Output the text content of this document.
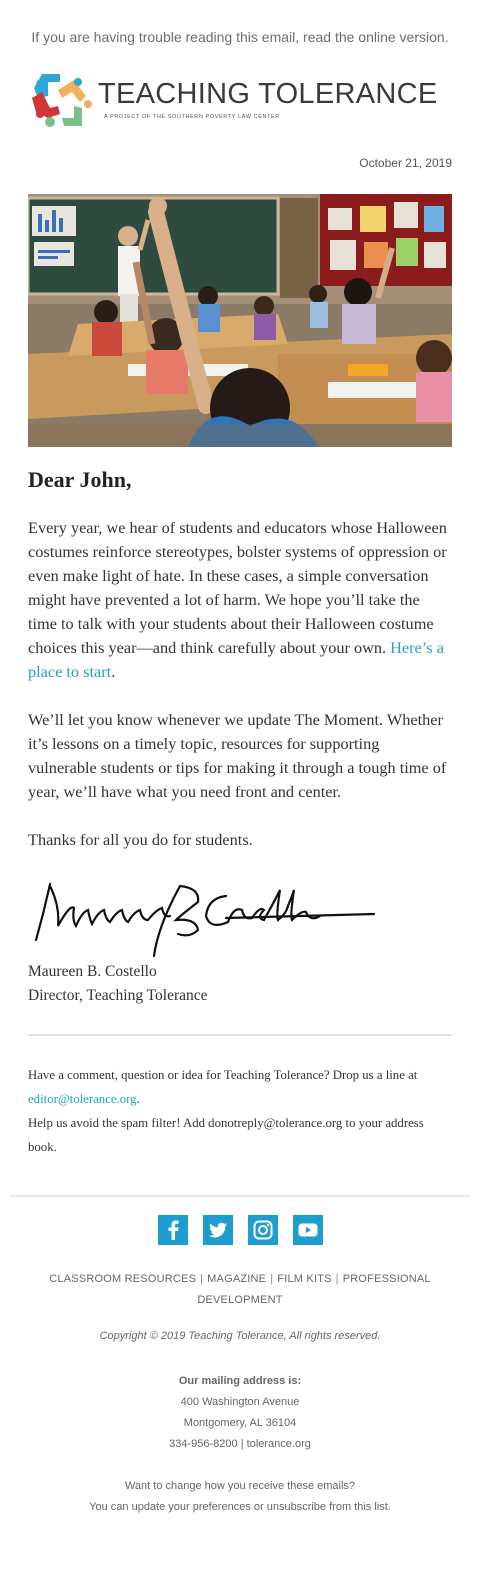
If you are having trouble reading this email, read the online version.
TEACHING TOLERANCE
A PROJECT OF THE SOUTHERN POVERTY LAW CENTER
October 21, 2019
Dear John,

Every year, we hear of students and educators whose Halloween costumes reinforce stereotypes, bolster systems of oppression or even make light of hate. In these cases, a simple conversation might have prevented a lot of harm. We hope you’ll take the time to talk with your students about their Halloween costume choices this year—and think carefully about your own. Here’s a place to start.

We’ll let you know whenever we update The Moment. Whether it’s lessons on a timely topic, resources for supporting vulnerable students or tips for making it through a tough time of year, we’ll have what you need front and center.

Thanks for all you do for students.

Maureen B. Costello
Director, Teaching Tolerance
Have a comment, question or idea for Teaching Tolerance? Drop us a line at editor@tolerance.org.
Help us avoid the spam filter! Add donotreply@tolerance.org to your address book.
CLASSROOM RESOURCES | MAGAZINE | FILM KITS | PROFESSIONAL DEVELOPMENT
Copyright © 2019 Teaching Tolerance, All rights reserved.
Our mailing address is:
400 Washington Avenue
Montgomery, AL 36104
334-956-8200 | tolerance.org
Want to change how you receive these emails?
You can update your preferences or unsubscribe from this list.
